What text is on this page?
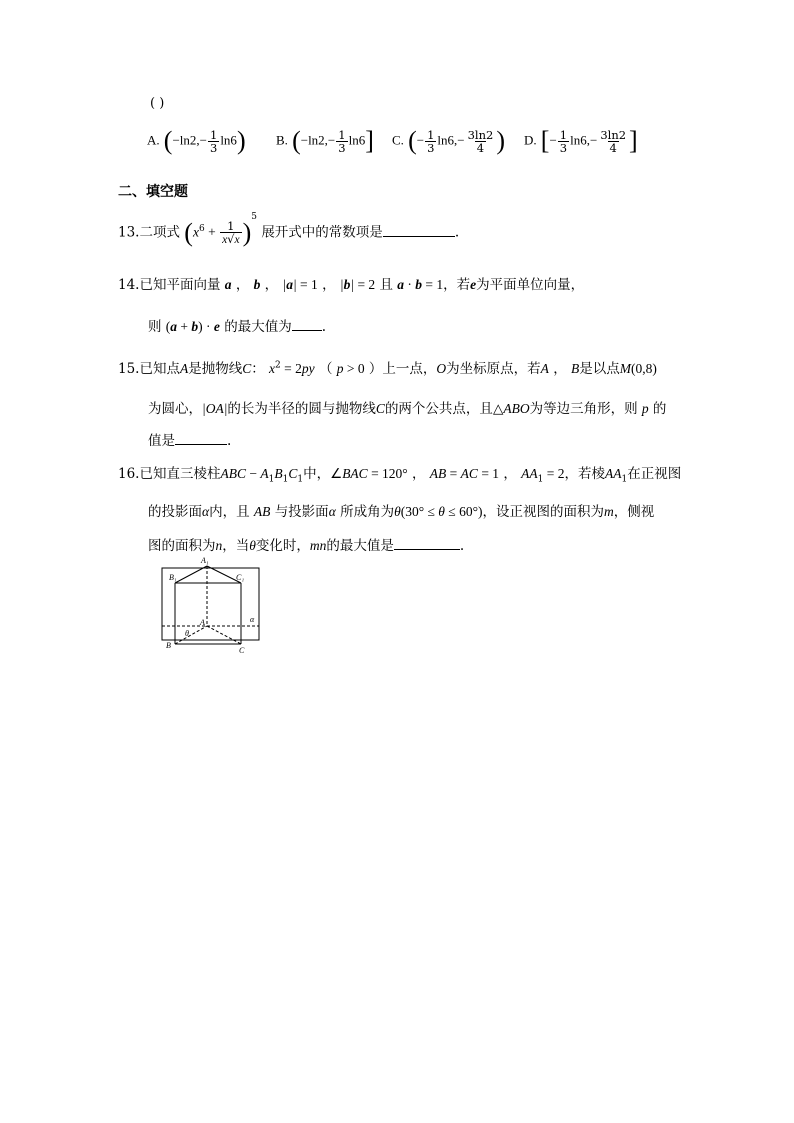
( )
A. $(-\ln 2,- \frac{1}{3} \ln 6)$ B. $(-\ln 2,- \frac{1}{3} \ln 6]$ C. (− $\frac{1}{3} \ln 6,- \frac{3\ln 2}{4}$ ) D. [− $\frac{1}{3} \ln 6,- \frac{3\ln 2}{4}$ ]
二、填空题
13.二项式 $(x^6 + \frac{1}{x√x} )^5$ 展开式中的常数项是	.
14.已知平面向量 a ， b ， |a| = 1 ， |b| = 2 且 a · b = 1，若e为平面单位向量，
则 (a + b) · e 的最大值为 .
15.已知点A是抛物线C： $x^2 = 2py$ （ p > 0 ）上一点，O为坐标原点，若A ， B是以点M(0,8)
为圆心，|OA|的长为半径的圆与抛物线C的两个公共点，且△ABO为等边三角形，则 p 的
值是	.
16.已知直三棱柱ABC − $A_1B_1C_1$中，∠BAC = 120° ， AB = AC = 1 ， $AA_1 = 2$，若棱$AA_1$在正视图
的投影面α内，且 AB 与投影面α 所成角为θ(30° ≤ θ ≤ 60°)，设正视图的面积为m，侧视
图的面积为n，当θ变化时，mn的最大值是	.
A₁
B₁	C₁
A
B
C
θ
α
